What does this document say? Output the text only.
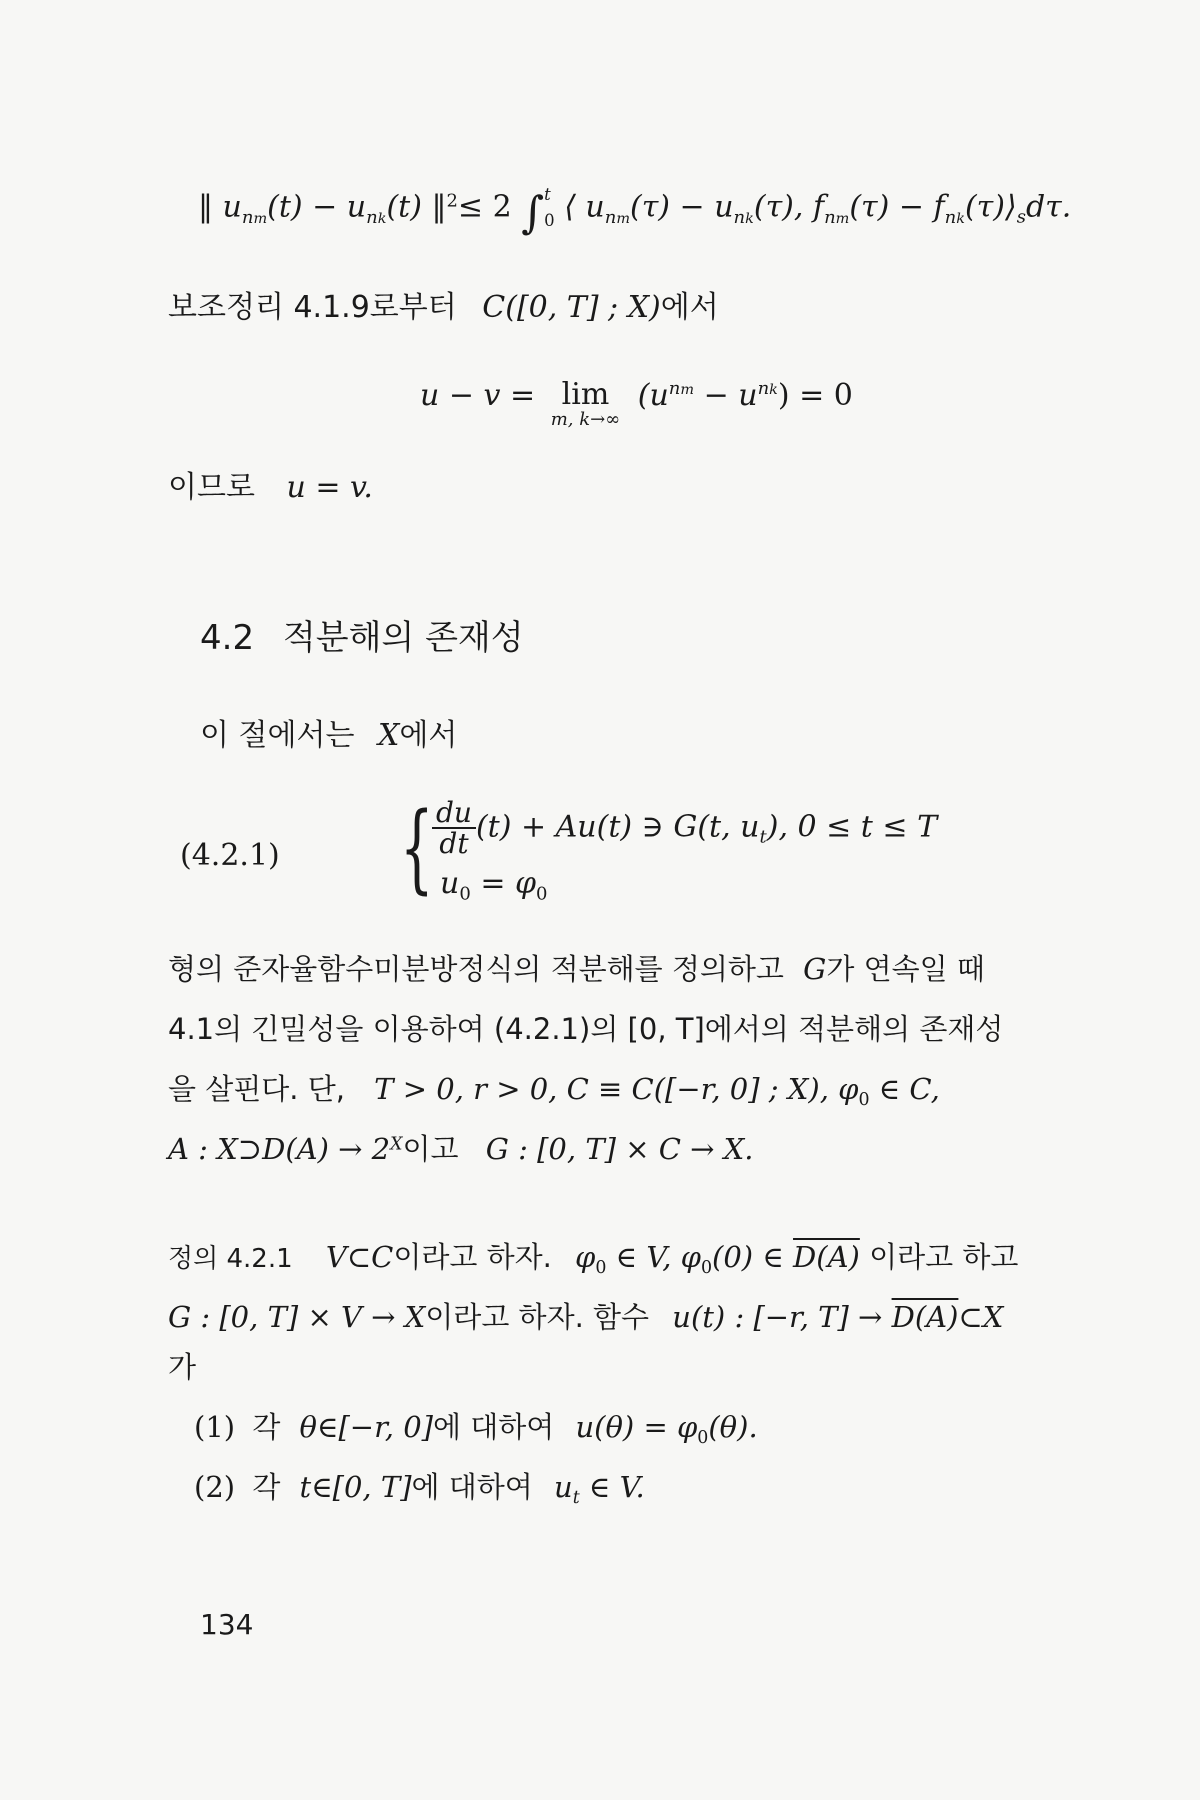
‖ $u_{nm}(t) - u_{nk}(t)$ ‖$^2$≤ 2 ∫ t
0 ⟨ $u_{nm}(\tau) - u_{nk}(\tau)$, $f_{nm}(\tau)$ − $f_{nk}(\tau)⟩_sd\tau$.
보조정리 4.1.9로부터 C([0, T] ; X)에서
u − v = lim
m, k→∞
$(u^{nm} - u^{nk}) = 0$
이므로 u = v.
4.2 적분해의 존재성
이 절에서는 X에서
(4.2.1) {
$\frac{du}{dt} (t) + Au(t)$ ∋ G(t, $u_t$), 0 ≤ t ≤ T
$u_0 = \varphi_0$
형의 준자율함수미분방정식의 적분해를 정의하고 G가 연속일 때
4.1의 긴밀성을 이용하여 (4.2.1)의 [0, T]에서의 적분해의 존재성
을 살핀다. 단, T > 0, r > 0, C ≡ C([−r, 0] ; X), $\varphi_0$ ∈ C,
A : X⊃D(A) → $2^X$이고 G : [0, T] × C → X.
정의 4.2.1 V⊂C이라고 하자. $\varphi_0$ ∈ V, $\varphi_0(0)$ ∈ D(A) 이라고 하고
G : [0, T] × V → X이라고 하자. 함수 u(t) : [−r, T] → D(A)⊂X
가
(1) 각 θ∈[−r, 0]에 대하여 $u(\theta) = \varphi_0(\theta)$.
(2) 각 t∈[0, T]에 대하여 $u_t$ ∈ V.
134
